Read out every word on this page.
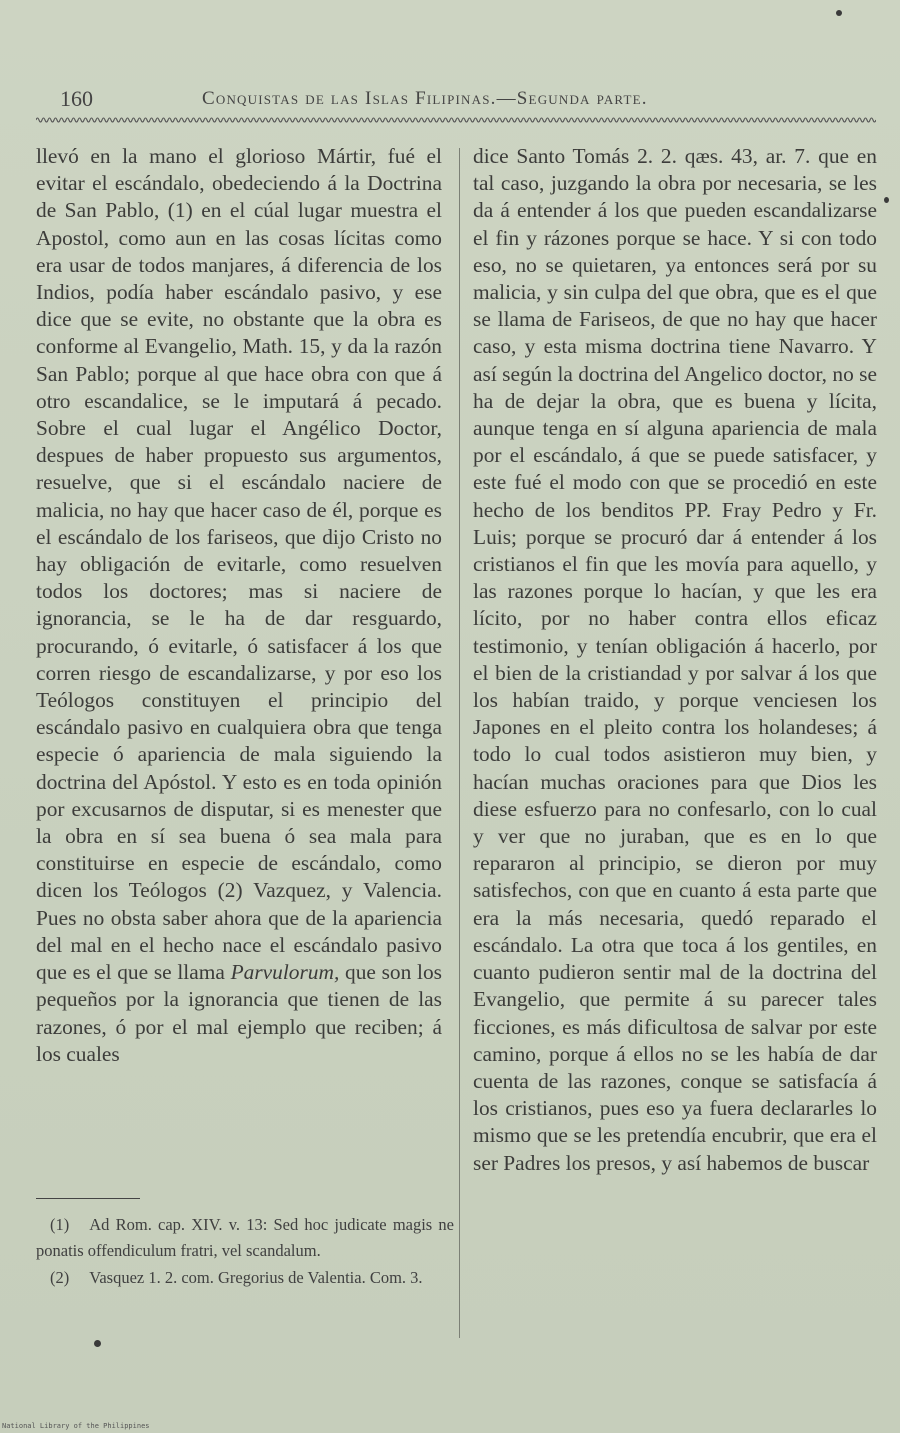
160	Conquistas de las Islas Filipinas.—Segunda parte.

llevó en la mano el glorioso Mártir, fué el evitar el escándalo, obedeciendo á la Doctrina de San Pablo, (1) en el cúal lugar muestra el Apostol, como aun en las cosas lícitas como era usar de todos manjares, á diferencia de los Indios, podía haber escándalo pasivo, y ese dice que se evite, no obstante que la obra es conforme al Evangelio, Math. 15, y da la razón San Pablo; porque al que hace obra con que á otro escandalice, se le imputará á pecado. Sobre el cual lugar el Angélico Doctor, despues de haber propuesto sus argumentos, resuelve, que si el escándalo naciere de malicia, no hay que hacer caso de él, porque es el escándalo de los fariseos, que dijo Cristo no hay obligación de evitarle, como resuelven todos los doctores; mas si naciere de ignorancia, se le ha de dar resguardo, procurando, ó evitarle, ó satisfacer á los que corren riesgo de escandalizarse, y por eso los Teólogos constituyen el principio del escándalo pasivo en cualquiera obra que tenga especie ó apariencia de mala siguiendo la doctrina del Apóstol. Y esto es en toda opinión por excusarnos de disputar, si es menester que la obra en sí sea buena ó sea mala para constituirse en especie de escándalo, como dicen los Teólogos (2) Vazquez, y Valencia. Pues no obsta saber ahora que de la apariencia del mal en el hecho nace el escándalo pasivo que es el que se llama Parvulorum, que son los pequeños por la ignorancia que tienen de las razones, ó por el mal ejemplo que reciben; á los cuales

dice Santo Tomás 2. 2. qæs. 43, ar. 7. que en tal caso, juzgando la obra por necesaria, se les da á entender á los que pueden escandalizarse el fin y rázones porque se hace. Y si con todo eso, no se quietaren, ya entonces será por su malicia, y sin culpa del que obra, que es el que se llama de Fariseos, de que no hay que hacer caso, y esta misma doctrina tiene Navarro. Y así según la doctrina del Angelico doctor, no se ha de dejar la obra, que es buena y lícita, aunque tenga en sí alguna apariencia de mala por el escándalo, á que se puede satisfacer, y este fué el modo con que se procedió en este hecho de los benditos PP. Fray Pedro y Fr. Luis; porque se procuró dar á entender á los cristianos el fin que les movía para aquello, y las razones porque lo hacían, y que les era lícito, por no haber contra ellos eficaz testimonio, y tenían obligación á hacerlo, por el bien de la cristiandad y por salvar á los que los habían traido, y porque venciesen los Japones en el pleito contra los holandeses; á todo lo cual todos asistieron muy bien, y hacían muchas oraciones para que Dios les diese esfuerzo para no confesarlo, con lo cual y ver que no juraban, que es en lo que repararon al principio, se dieron por muy satisfechos, con que en cuanto á esta parte que era la más necesaria, quedó reparado el escándalo. La otra que toca á los gentiles, en cuanto pudieron sentir mal de la doctrina del Evangelio, que permite á su parecer tales ficciones, es más dificultosa de salvar por este camino, porque á ellos no se les había de dar cuenta de las razones, conque se satisfacía á los cristianos, pues eso ya fuera declararles lo mismo que se les pretendía encubrir, que era el ser Padres los presos, y así habemos de buscar

(1) Ad Rom. cap. XIV. v. 13: Sed hoc judicate magis ne ponatis offendiculum fratri, vel scandalum.

(2) Vasquez 1. 2. com. Gregorius de Valentia. Com. 3.

National Library of the Philippines
